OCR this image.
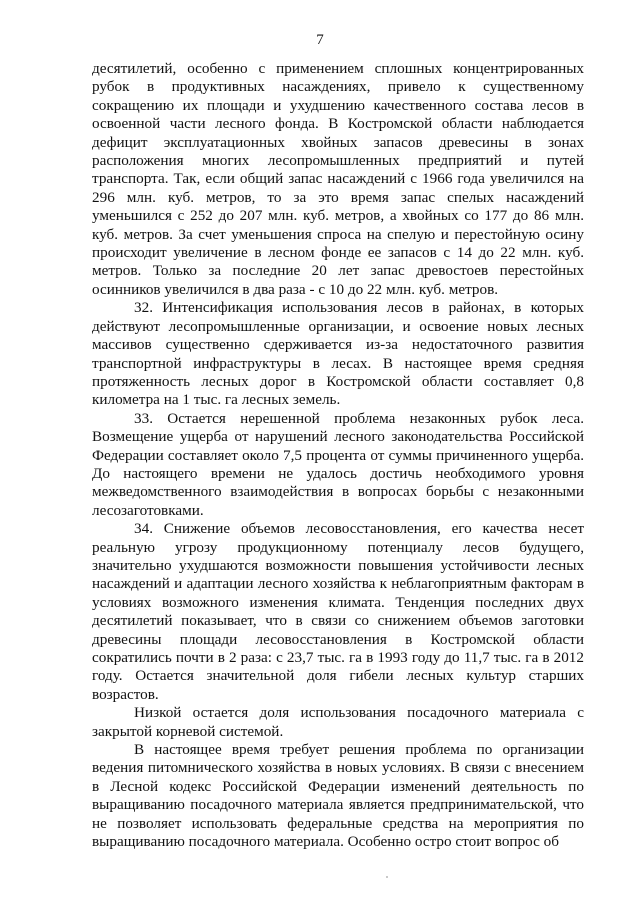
7

десятилетий, особенно с применением сплошных концентрированных рубок в продуктивных насаждениях, привело к существенному сокращению их площади и ухудшению качественного состава лесов в освоенной части лесного фонда. В Костромской области наблюдается дефицит эксплуатационных хвойных запасов древесины в зонах расположения многих лесопромышленных предприятий и путей транспорта. Так, если общий запас насаждений с 1966 года увеличился на 296 млн. куб. метров, то за это время запас спелых насаждений уменьшился с 252 до 207 млн. куб. метров, а хвойных со 177 до 86 млн. куб. метров. За счет уменьшения спроса на спелую и перестойную осину происходит увеличение в лесном фонде ее запасов с 14 до 22 млн. куб. метров. Только за последние 20 лет запас древостоев перестойных осинников увеличился в два раза - с 10 до 22 млн. куб. метров.

32. Интенсификация использования лесов в районах, в которых действуют лесопромышленные организации, и освоение новых лесных массивов существенно сдерживается из-за недостаточного развития транспортной инфраструктуры в лесах. В настоящее время средняя протяженность лесных дорог в Костромской области составляет 0,8 километра на 1 тыс. га лесных земель.

33. Остается нерешенной проблема незаконных рубок леса. Возмещение ущерба от нарушений лесного законодательства Российской Федерации составляет около 7,5 процента от суммы причиненного ущерба. До настоящего времени не удалось достичь необходимого уровня межведомственного взаимодействия в вопросах борьбы с незаконными лесозаготовками.

34. Снижение объемов лесовосстановления, его качества несет реальную угрозу продукционному потенциалу лесов будущего, значительно ухудшаются возможности повышения устойчивости лесных насаждений и адаптации лесного хозяйства к неблагоприятным факторам в условиях возможного изменения климата. Тенденция последних двух десятилетий показывает, что в связи со снижением объемов заготовки древесины площади лесовосстановления в Костромской области сократились почти в 2 раза: с 23,7 тыс. га в 1993 году до 11,7 тыс. га в 2012 году. Остается значительной доля гибели лесных культур старших возрастов.

Низкой остается доля использования посадочного материала с закрытой корневой системой.

В настоящее время требует решения проблема по организации ведения питомнического хозяйства в новых условиях. В связи с внесением в Лесной кодекс Российской Федерации изменений деятельность по выращиванию посадочного материала является предпринимательской, что не позволяет использовать федеральные средства на мероприятия по выращиванию посадочного материала. Особенно остро стоит вопрос об
